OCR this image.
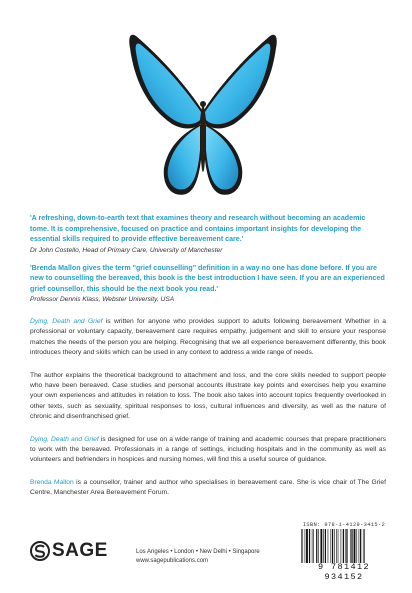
'A refreshing, down-to-earth text that examines theory and research without becoming an academic tome. It is comprehensive, focused on practice and contains important insights for developing the essential skills required to provide effective bereavement care.'

Dr John Costello, Head of Primary Care, University of Manchester

'Brenda Mallon gives the term "grief counselling" definition in a way no one has done before. If you are new to counselling the bereaved, this book is the best introduction I have seen. If you are an experienced grief counsellor, this should be the next book you read.'

Professor Dennis Klass, Webster University, USA

Dying, Death and Grief is written for anyone who provides support to adults following bereavement Whether in a professional or voluntary capacity, bereavement care requires empathy, judgement and skill to ensure your response matches the needs of the person you are helping. Recognising that we all experience bereavement differently, this book introduces theory and skills which can be used in any context to address a wide range of needs.

The author explains the theoretical background to attachment and loss, and the core skills needed to support people who have been bereaved. Case studies and personal accounts illustrate key points and exercises help you examine your own experiences and attitudes in relation to loss. The book also takes into account topics frequently overlooked in other texts, such as sexuality, spiritual responses to loss, cultural influences and diversity, as well as the nature of chronic and disenfranchised grief.

Dying, Death and Grief is designed for use on a wide range of training and academic courses that prepare practitioners to work with the bereaved. Professionals in a range of settings, including hospitals and in the community as well as volunteers and befrienders in hospices and nursing homes, will find this a useful source of guidance.

Brenda Mallon is a counsellor, trainer and author who specialises in bereavement care. She is vice chair of The Grief Centre, Manchester Area Bereavement Forum.

SAGE	Los Angeles • London • New Delhi • Singapore
www.sagepublications.com
ISBN: 978-1-4129-3415-2
9 781412 934152
